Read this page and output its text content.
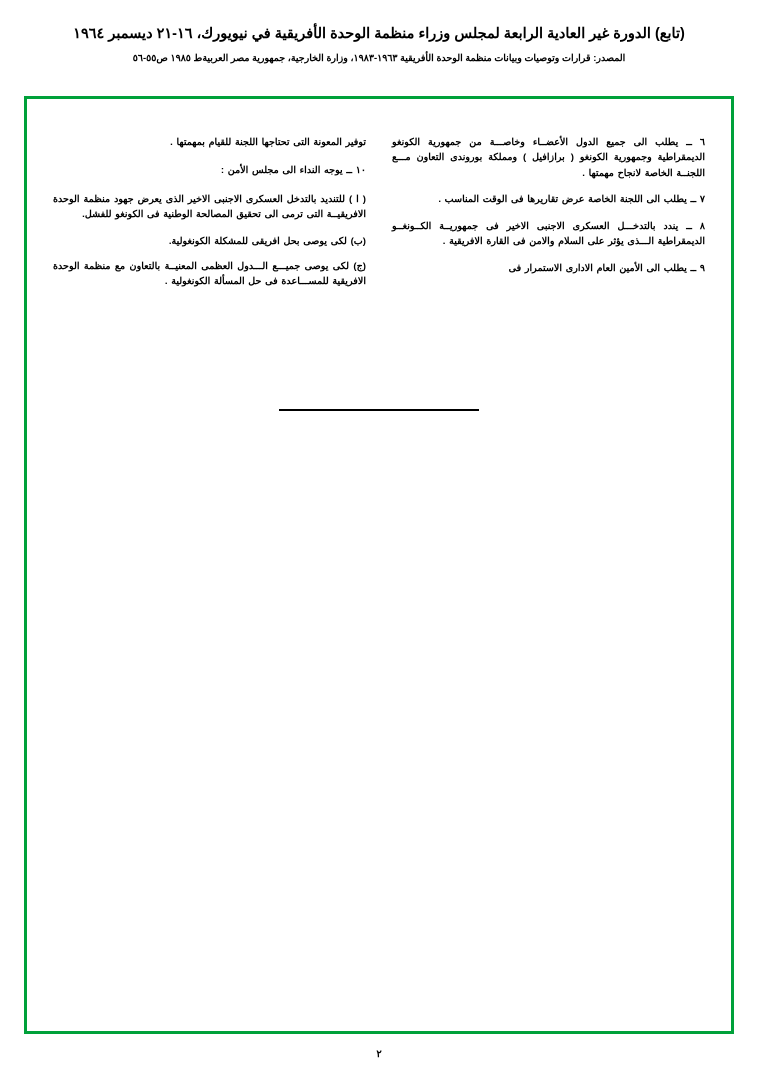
(تابع) الدورة غير العادية الرابعة لمجلس وزراء منظمة الوحدة الأفريقية في نيويورك، ١٦-٢١ ديسمبر ١٩٦٤
المصدر: ‏قرارات وتوصيات وبيانات منظمة الوحدة الأفريقية ١٩٦٣-١٩٨٣، وزارة الخارجية، جمهورية مصر العربية‏ط ١٩٨٥ ص٥٥-٥٦

٦ ــ يطلب الى جميع الدول الأعضــاء وخاصـــة من جمهورية الكونغو الديمقراطية وجمهورية الكونغو ( برازافيل ) ومملكة بوروندى التعاون مـــع اللجنــة الخاصة لانجاح مهمتها .

٧ ــ يطلب الى اللجنة الخاصة عرض تقاريرها فى الوقت المناسب .

٨ ــ يندد بالتدخـــل العسكرى الاجنبى الاخير فى جمهوريــة الكــونغــو الديمقراطية الـــذى يؤثر على السلام والامن فى القارة الافريقية .

٩ ــ يطلب الى الأمين العام الادارى الاستمرار فى

توفير المعونة التى تحتاجها اللجنة للقيام بمهمتها .

١٠ ــ يوجه النداء الى مجلس الأمن :

( ا ) للتنديد بالتدخل العسكرى الاجنبى الاخير الذى يعرض جهود منظمة الوحدة الافريقيــة التى ترمى الى تحقيق المصالحة الوطنية فى الكونغو للفشل.

(ب) لكى يوصى بحل افريقى للمشكلة الكونغولية.

(ج) لكى يوصى جميـــع الـــدول العظمى المعنيــة بالتعاون مع منظمة الوحدة الافريقية للمســـاعدة فى حل المسألة الكونغولية .

٢
